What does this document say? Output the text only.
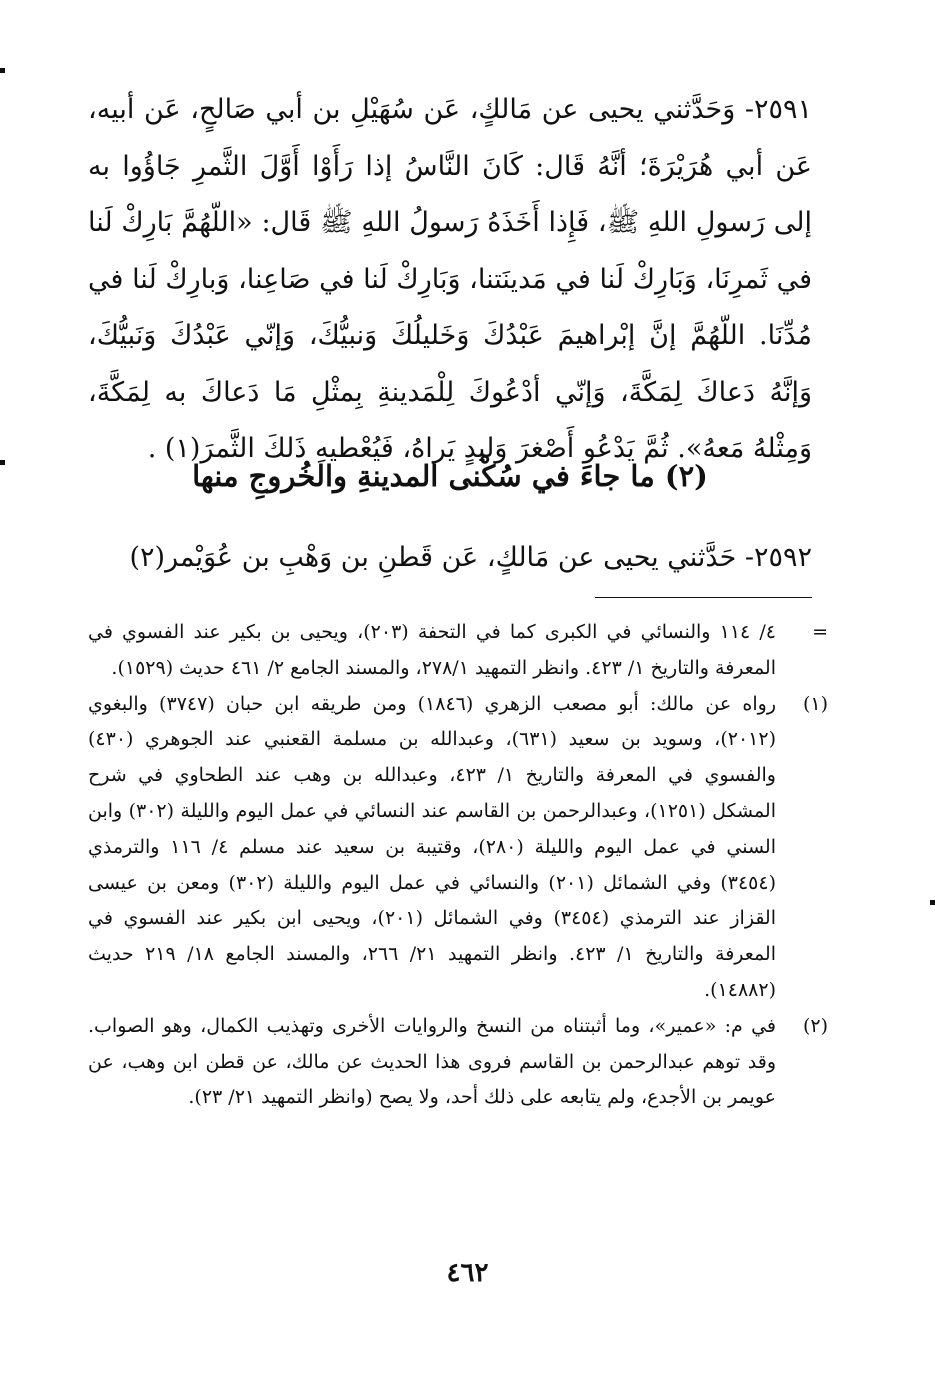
٢٥٩١- وَحَدَّثني يحيى عن مَالكٍ، عَن سُهَيْلِ بن أبي صَالحٍ، عَن أبيه، عَن أبي هُرَيْرَةَ؛ أنَّهُ قَال: كَانَ النَّاسُ إذا رَأَوْا أَوَّلَ الثَّمرِ جَاؤُوا به إلى رَسولِ اللهِ ﷺ، فَإِذا أَخَذَهُ رَسولُ اللهِ ﷺ قَال: «اللّهُمَّ بَارِكْ لَنا في ثَمرِنَا، وَبَارِكْ لَنا في مَدينَتنا، وَبَارِكْ لَنا في صَاعِنا، وَبارِكْ لَنا في مُدِّنَا. اللّهُمَّ إنَّ إبْراهيمَ عَبْدُكَ وَخَليلُكَ وَنبيُّكَ، وَإنّي عَبْدُكَ وَنَبيُّكَ، وَإنَّهُ دَعاكَ لِمَكَّةَ، وَإنّي أدْعُوكَ لِلْمَدينةِ بِمثْلِ مَا دَعاكَ به لِمَكَّةَ، وَمِثْلهُ مَعهُ». ثُمَّ يَدْعُو أَصْغرَ وَليدٍ يَراهُ، فَيُعْطيهِ ذَلكَ الثَّمرَ(١) .

(٢) ما جاءَ في سُكْنى المدينةِ والخُروجِ منها
٢٥٩٢- حَدَّثني يحيى عن مَالكٍ، عَن قَطنِ بن وَهْبِ بن عُوَيْمر(٢)
=
٤/ ١١٤ والنسائي في الكبرى كما في التحفة (٢٠٣)، ويحيى بن بكير عند الفسوي في المعرفة والتاريخ ١/ ٤٢٣. وانظر التمهيد ٢٧٨/١، والمسند الجامع ٢/ ٤٦١ حديث (١٥٢٩).
(١)
رواه عن مالك: أبو مصعب الزهري (١٨٤٦) ومن طريقه ابن حبان (٣٧٤٧) والبغوي (٢٠١٢)، وسويد بن سعيد (٦٣١)، وعبدالله بن مسلمة القعنبي عند الجوهري (٤٣٠) والفسوي في المعرفة والتاريخ ١/ ٤٢٣، وعبدالله بن وهب عند الطحاوي في شرح المشكل (١٢٥١)، وعبدالرحمن بن القاسم عند النسائي في عمل اليوم والليلة (٣٠٢) وابن السني في عمل اليوم والليلة (٢٨٠)، وقتيبة بن سعيد عند مسلم ٤/ ١١٦ والترمذي (٣٤٥٤) وفي الشمائل (٢٠١) والنسائي في عمل اليوم والليلة (٣٠٢) ومعن بن عيسى القزاز عند الترمذي (٣٤٥٤) وفي الشمائل (٢٠١)، ويحيى ابن بكير عند الفسوي في المعرفة والتاريخ ١/ ٤٢٣. وانظر التمهيد ٢١/ ٢٦٦، والمسند الجامع ١٨/ ٢١٩ حديث (١٤٨٨٢).
(٢)
في م: «عمير»، وما أثبتناه من النسخ والروايات الأخرى وتهذيب الكمال، وهو الصواب. وقد توهم عبدالرحمن بن القاسم فروى هذا الحديث عن مالك، عن قطن ابن وهب، عن عويمر بن الأجدع، ولم يتابعه على ذلك أحد، ولا يصح (وانظر التمهيد ٢١/ ٢٣).
٤٦٢
